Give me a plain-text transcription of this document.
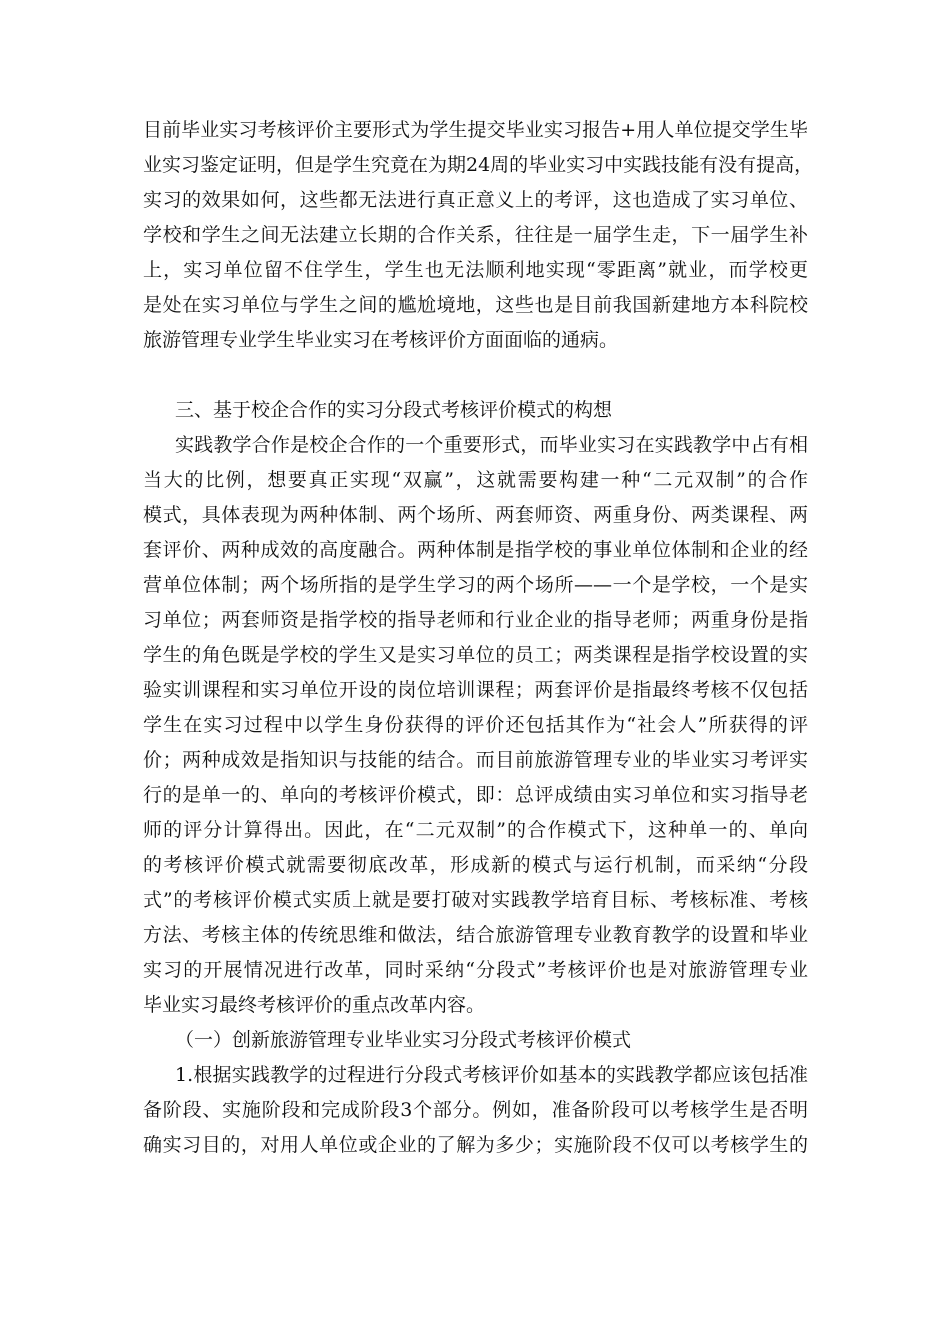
目前毕业实习考核评价主要形式为学生提交毕业实习报告+用人单位提交学生毕
业实习鉴定证明，但是学生究竟在为期24周的毕业实习中实践技能有没有提高，
实习的效果如何，这些都无法进行真正意义上的考评，这也造成了实习单位、
学校和学生之间无法建立长期的合作关系，往往是一届学生走，下一届学生补
上，实习单位留不住学生，学生也无法顺利地实现“零距离”就业，而学校更
是处在实习单位与学生之间的尴尬境地，这些也是目前我国新建地方本科院校
旅游管理专业学生毕业实习在考核评价方面面临的通病。
三、基于校企合作的实习分段式考核评价模式的构想
实践教学合作是校企合作的一个重要形式，而毕业实习在实践教学中占有相
当大的比例，想要真正实现“双赢”，这就需要构建一种“二元双制”的合作
模式，具体表现为两种体制、两个场所、两套师资、两重身份、两类课程、两
套评价、两种成效的高度融合。两种体制是指学校的事业单位体制和企业的经
营单位体制；两个场所指的是学生学习的两个场所——一个是学校，一个是实
习单位；两套师资是指学校的指导老师和行业企业的指导老师；两重身份是指
学生的角色既是学校的学生又是实习单位的员工；两类课程是指学校设置的实
验实训课程和实习单位开设的岗位培训课程；两套评价是指最终考核不仅包括
学生在实习过程中以学生身份获得的评价还包括其作为“社会人”所获得的评
价；两种成效是指知识与技能的结合。而目前旅游管理专业的毕业实习考评实
行的是单一的、单向的考核评价模式，即：总评成绩由实习单位和实习指导老
师的评分计算得出。因此，在“二元双制”的合作模式下，这种单一的、单向
的考核评价模式就需要彻底改革，形成新的模式与运行机制，而采纳“分段
式”的考核评价模式实质上就是要打破对实践教学培育目标、考核标准、考核
方法、考核主体的传统思维和做法，结合旅游管理专业教育教学的设置和毕业
实习的开展情况进行改革，同时采纳“分段式”考核评价也是对旅游管理专业
毕业实习最终考核评价的重点改革内容。
（一）创新旅游管理专业毕业实习分段式考核评价模式
1.根据实践教学的过程进行分段式考核评价如基本的实践教学都应该包括准
备阶段、实施阶段和完成阶段3个部分。例如，准备阶段可以考核学生是否明
确实习目的，对用人单位或企业的了解为多少；实施阶段不仅可以考核学生的
